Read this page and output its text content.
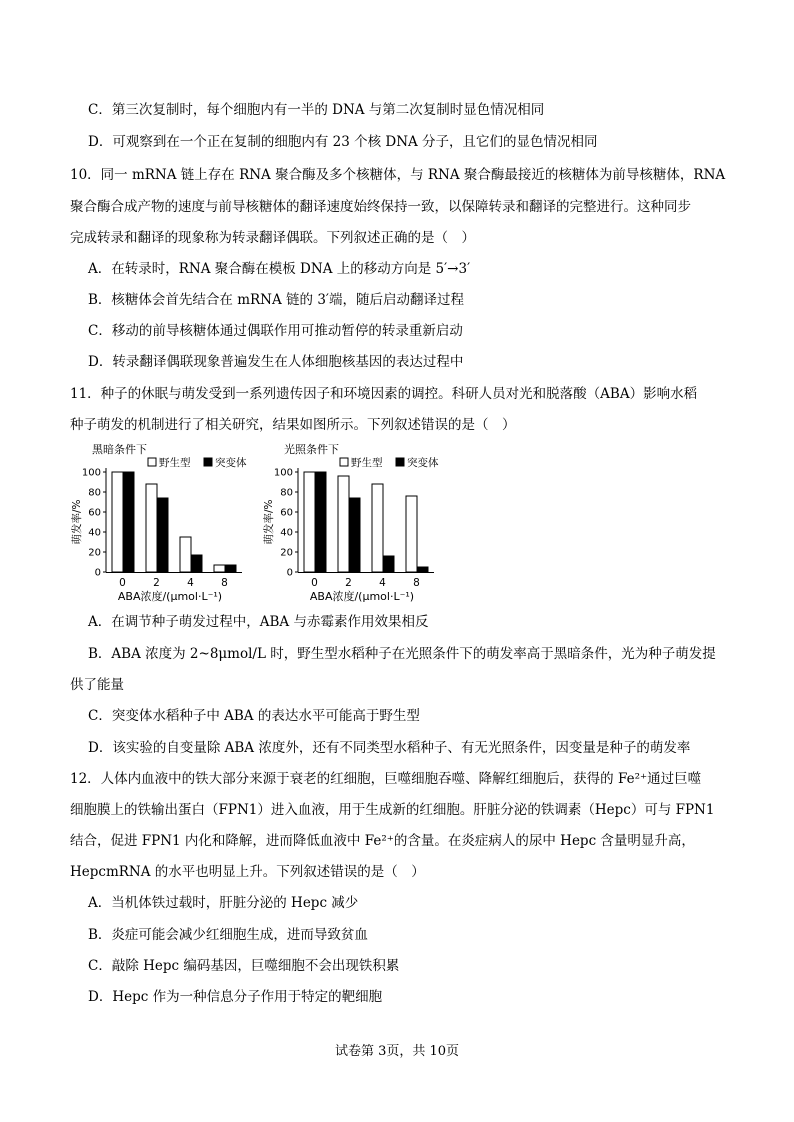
C．第三次复制时，每个细胞内有一半的 DNA 与第二次复制时显色情况相同
D．可观察到在一个正在复制的细胞内有 23 个核 DNA 分子，且它们的显色情况相同
10．同一 mRNA 链上存在 RNA 聚合酶及多个核糖体，与 RNA 聚合酶最接近的核糖体为前导核糖体，RNA
聚合酶合成产物的速度与前导核糖体的翻译速度始终保持一致，以保障转录和翻译的完整进行。这种同步
完成转录和翻译的现象称为转录翻译偶联。下列叙述正确的是（　）
A．在转录时，RNA 聚合酶在模板 DNA 上的移动方向是 5′→3′
B．核糖体会首先结合在 mRNA 链的 3′端，随后启动翻译过程
C．移动的前导核糖体通过偶联作用可推动暂停的转录重新启动
D．转录翻译偶联现象普遍发生在人体细胞核基因的表达过程中
11．种子的休眠与萌发受到一系列遗传因子和环境因素的调控。科研人员对光和脱落酸（ABA）影响水稻
种子萌发的机制进行了相关研究，结果如图所示。下列叙述错误的是（　）
黑暗条件下
野生型 突变体
0
20
40
60
80
100
萌发率/%
0	2	4	8
ABA浓度/(μmol·L⁻¹)
光照条件下
野生型 突变体
0
20
40
60
80
100
萌发率/%
0	2	4	8
ABA浓度/(μmol·L⁻¹)
A．在调节种子萌发过程中，ABA 与赤霉素作用效果相反
B．ABA 浓度为 2~8μmol/L 时，野生型水稻种子在光照条件下的萌发率高于黑暗条件，光为种子萌发提
供了能量
C．突变体水稻种子中 ABA 的表达水平可能高于野生型
D．该实验的自变量除 ABA 浓度外，还有不同类型水稻种子、有无光照条件，因变量是种子的萌发率
12．人体内血液中的铁大部分来源于衰老的红细胞，巨噬细胞吞噬、降解红细胞后，获得的 Fe²⁺通过巨噬
细胞膜上的铁输出蛋白（FPN1）进入血液，用于生成新的红细胞。肝脏分泌的铁调素（Hepc）可与 FPN1
结合，促进 FPN1 内化和降解，进而降低血液中 Fe²⁺的含量。在炎症病人的尿中 Hepc 含量明显升高，
HepcmRNA 的水平也明显上升。下列叙述错误的是（　）
A．当机体铁过载时，肝脏分泌的 Hepc 减少
B．炎症可能会减少红细胞生成，进而导致贫血
C．敲除 Hepc 编码基因，巨噬细胞不会出现铁积累
D．Hepc 作为一种信息分子作用于特定的靶细胞
试卷第 3页，共 10页
